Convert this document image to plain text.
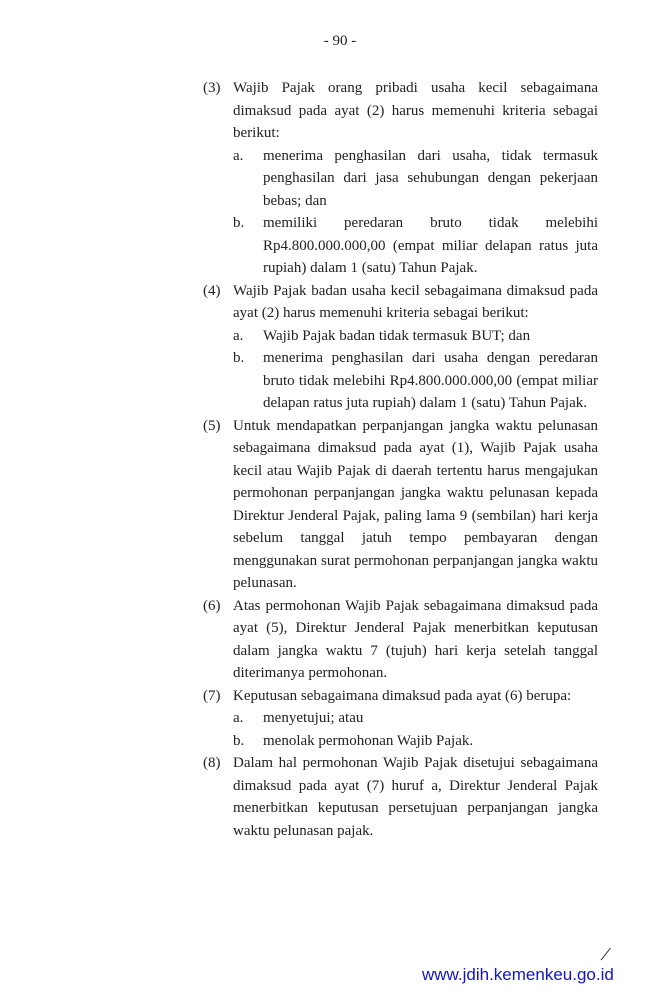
- 90 -
(3) Wajib Pajak orang pribadi usaha kecil sebagaimana dimaksud pada ayat (2) harus memenuhi kriteria sebagai berikut:
a. menerima penghasilan dari usaha, tidak termasuk penghasilan dari jasa sehubungan dengan pekerjaan bebas; dan
b. memiliki peredaran bruto tidak melebihi Rp4.800.000.000,00 (empat miliar delapan ratus juta rupiah) dalam 1 (satu) Tahun Pajak.
(4) Wajib Pajak badan usaha kecil sebagaimana dimaksud pada ayat (2) harus memenuhi kriteria sebagai berikut:
a. Wajib Pajak badan tidak termasuk BUT; dan
b. menerima penghasilan dari usaha dengan peredaran bruto tidak melebihi Rp4.800.000.000,00 (empat miliar delapan ratus juta rupiah) dalam 1 (satu) Tahun Pajak.
(5) Untuk mendapatkan perpanjangan jangka waktu pelunasan sebagaimana dimaksud pada ayat (1), Wajib Pajak usaha kecil atau Wajib Pajak di daerah tertentu harus mengajukan permohonan perpanjangan jangka waktu pelunasan kepada Direktur Jenderal Pajak, paling lama 9 (sembilan) hari kerja sebelum tanggal jatuh tempo pembayaran dengan menggunakan surat permohonan perpanjangan jangka waktu pelunasan.
(6) Atas permohonan Wajib Pajak sebagaimana dimaksud pada ayat (5), Direktur Jenderal Pajak menerbitkan keputusan dalam jangka waktu 7 (tujuh) hari kerja setelah tanggal diterimanya permohonan.
(7) Keputusan sebagaimana dimaksud pada ayat (6) berupa:
a. menyetujui; atau
b. menolak permohonan Wajib Pajak.
(8) Dalam hal permohonan Wajib Pajak disetujui sebagaimana dimaksud pada ayat (7) huruf a, Direktur Jenderal Pajak menerbitkan keputusan persetujuan perpanjangan jangka waktu pelunasan pajak.
/
www.jdih.kemenkeu.go.id
